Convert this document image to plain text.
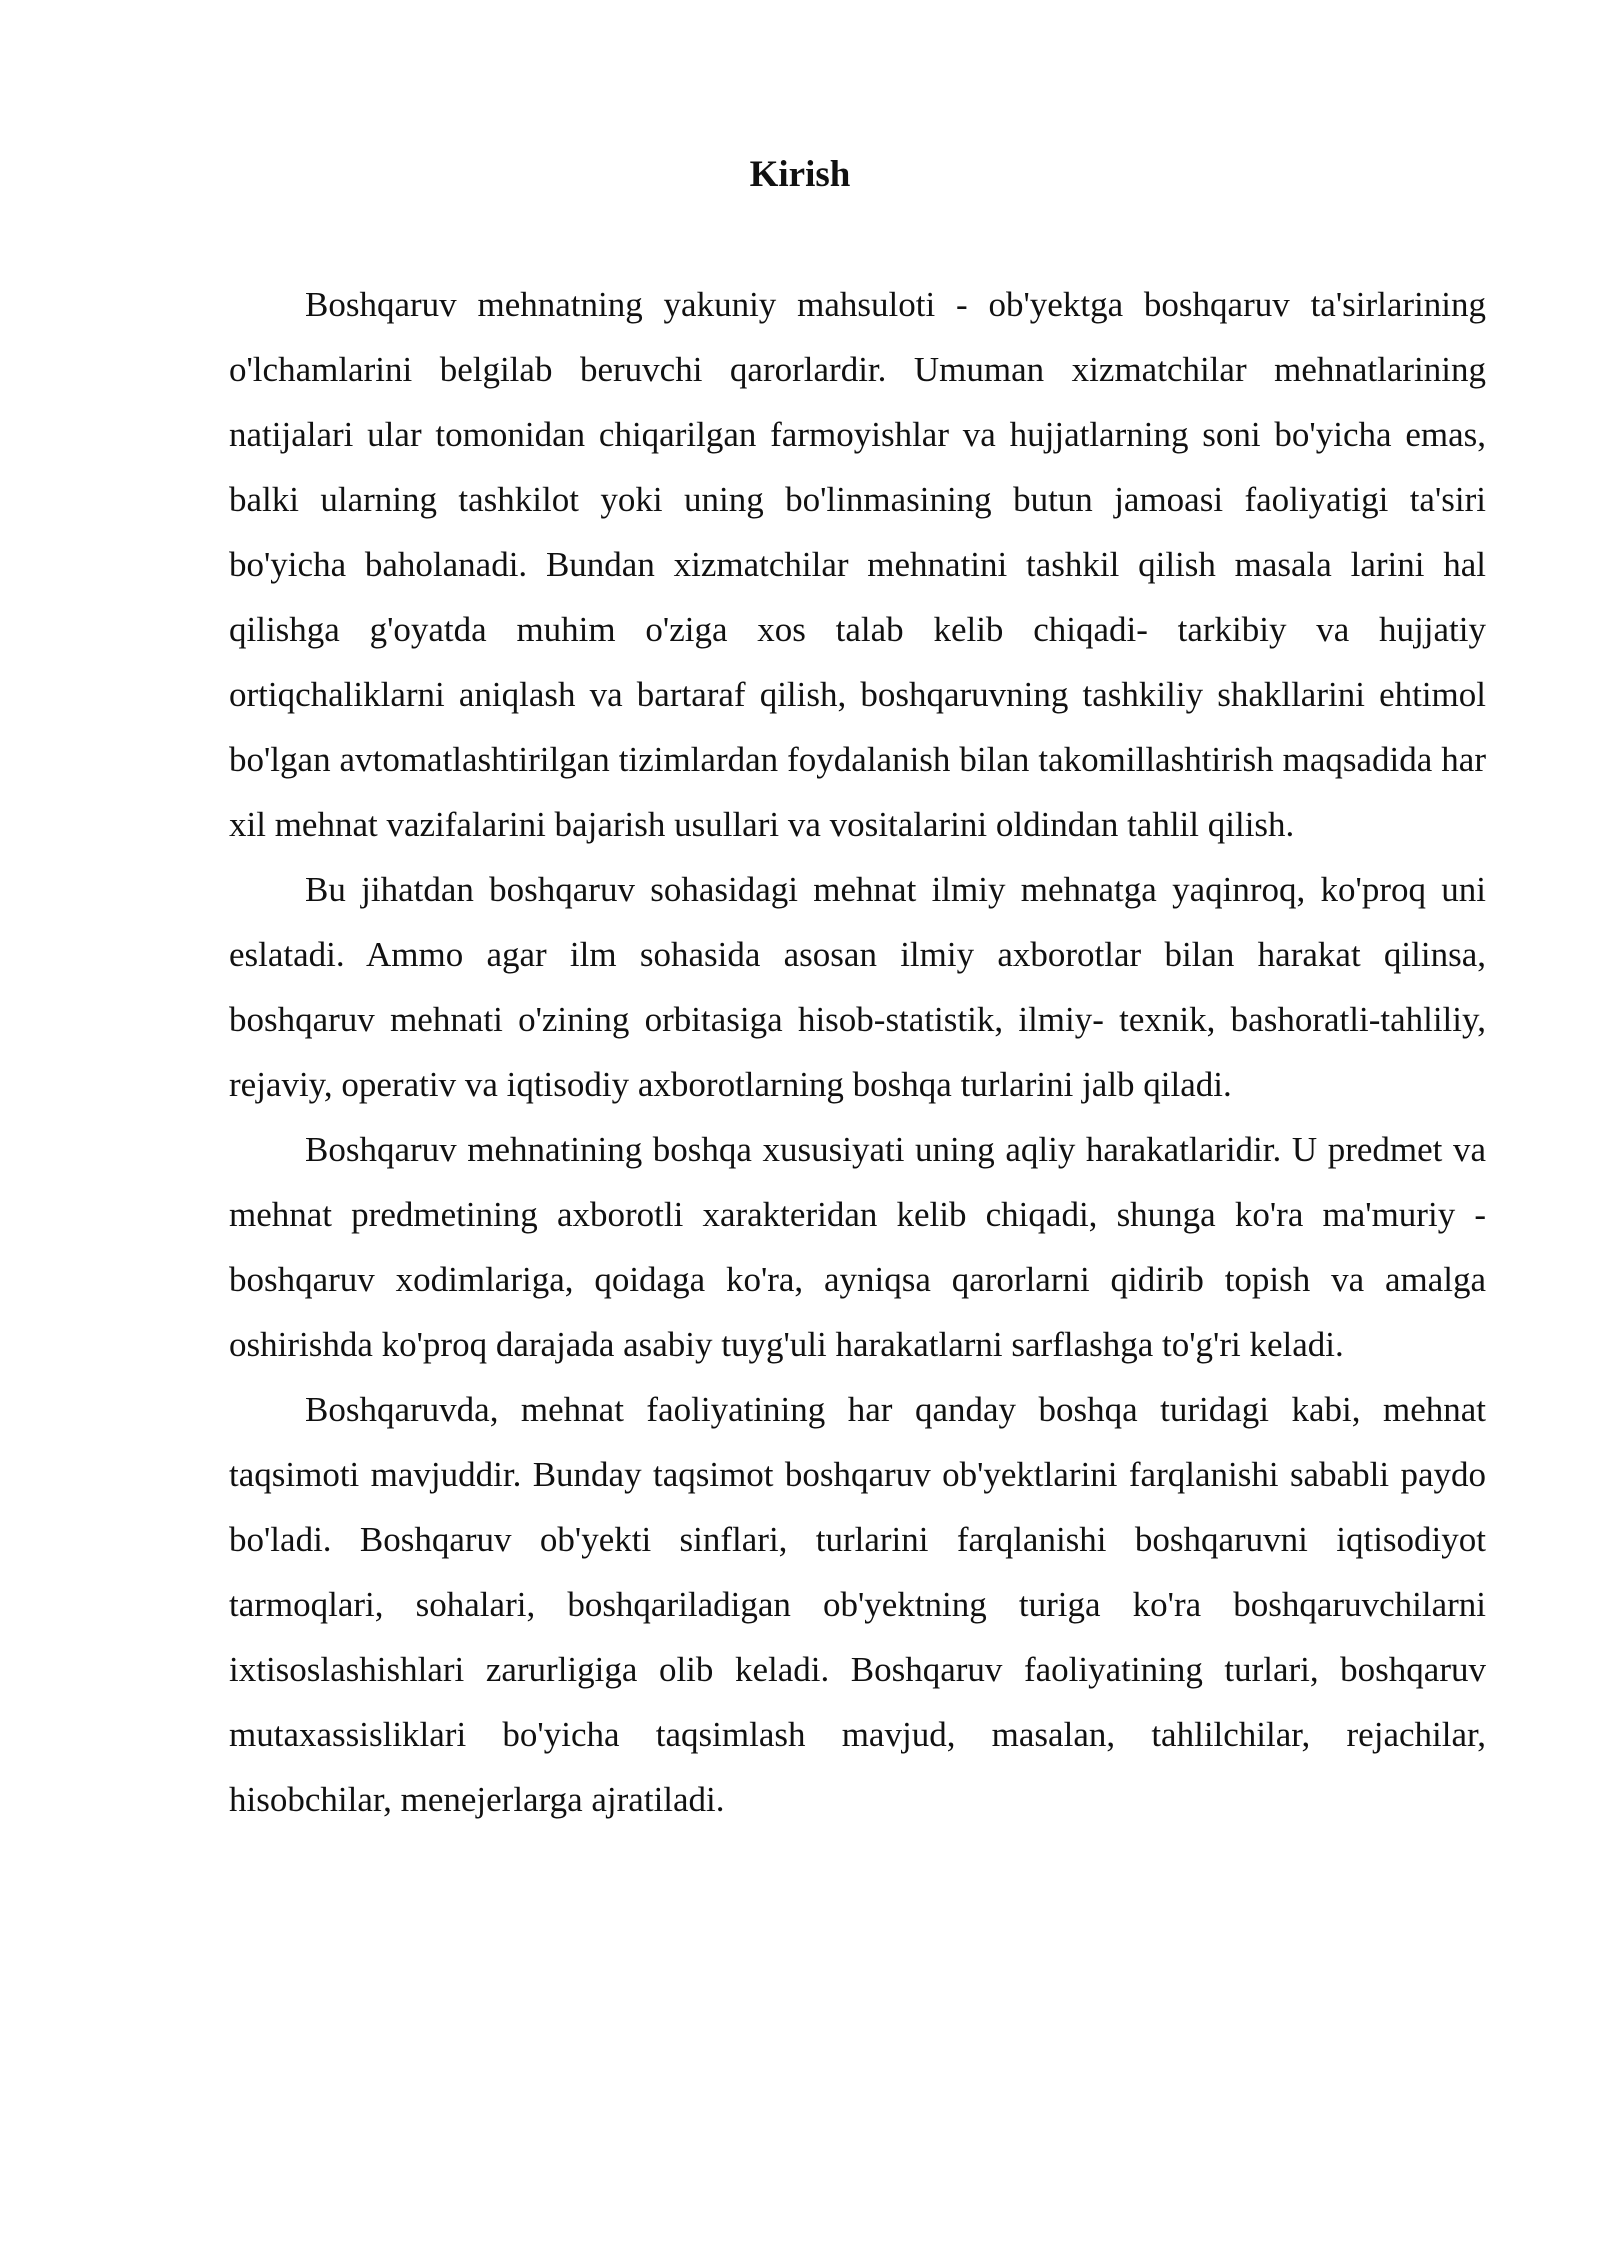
Kirish

Boshqaruv mehnatning yakuniy mahsuloti - ob'yektga boshqaruv ta'sirlarining o'lchamlarini belgilab beruvchi qarorlardir. Umuman xizmatchilar mehnatlarining natijalari ular tomonidan chiqarilgan farmoyishlar va hujjatlarning soni bo'yicha emas, balki ularning tashkilot yoki uning bo'linmasining butun jamoasi faoliyatigi ta'siri bo'yicha baholanadi. Bundan xizmatchilar mehnatini tashkil qilish masala larini hal qilishga g'oyatda muhim o'ziga xos talab kelib chiqadi- tarkibiy va hujjatiy ortiqchaliklarni aniqlash va bartaraf qilish, boshqaruvning tashkiliy shakllarini ehtimol bo'lgan avtomatlashtirilgan tizimlardan foydalanish bilan takomillashtirish maqsadida har xil mehnat vazifalarini bajarish usullari va vositalarini oldindan tahlil qilish.

Bu jihatdan boshqaruv sohasidagi mehnat ilmiy mehnatga yaqinroq, ko'proq uni eslatadi. Ammo agar ilm sohasida asosan ilmiy axborotlar bilan harakat qilinsa, boshqaruv mehnati o'zining orbitasiga hisob-statistik, ilmiy- texnik, bashoratli-tahliliy, rejaviy, operativ va iqtisodiy axborotlarning boshqa turlarini jalb qiladi.

Boshqaruv mehnatining boshqa xususiyati uning aqliy harakatlaridir. U predmet va mehnat predmetining axborotli xarakteridan kelib chiqadi, shunga ko'ra ma'muriy - boshqaruv xodimlariga, qoidaga ko'ra, ayniqsa qarorlarni qidirib topish va amalga oshirishda ko'proq darajada asabiy tuyg'uli harakatlarni sarflashga to'g'ri keladi.

Boshqaruvda, mehnat faoliyatining har qanday boshqa turidagi kabi, mehnat taqsimoti mavjuddir. Bunday taqsimot boshqaruv ob'yektlarini farqlanishi sababli paydo bo'ladi. Boshqaruv ob'yekti sinflari, turlarini farqlanishi boshqaruvni iqtisodiyot tarmoqlari, sohalari, boshqariladigan ob'yektning turiga ko'ra boshqaruvchilarni ixtisoslashishlari zarurligiga olib keladi. Boshqaruv faoliyatining turlari, boshqaruv mutaxassisliklari bo'yicha taqsimlash mavjud, masalan, tahlilchilar, rejachilar, hisobchilar, menejerlarga ajratiladi.
